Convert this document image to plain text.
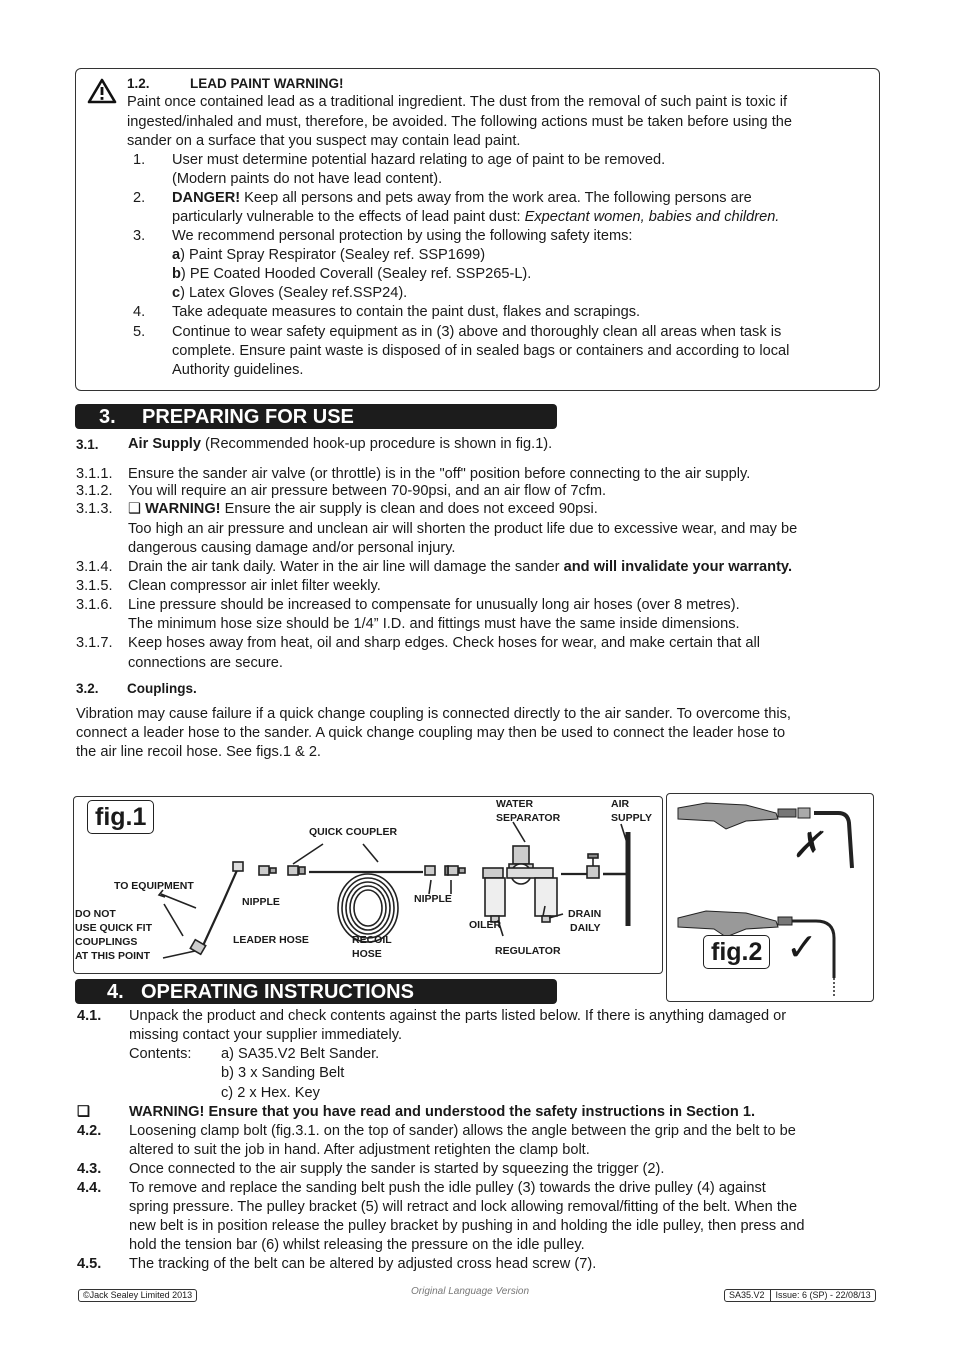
1.2.	LEAD PAINT WARNING!
Paint once contained lead as a traditional ingredient. The dust from the removal of such paint is toxic if
ingested/inhaled and must, therefore, be avoided. The following actions must be taken before using the
sander on a surface that you suspect may contain lead paint.
1. User must determine potential hazard relating to age of paint to be removed.
(Modern paints do not have lead content).
2. DANGER! Keep all persons and pets away from the work area. The following persons are
particularly vulnerable to the effects of lead paint dust: Expectant women, babies and children.
3. We recommend personal protection by using the following safety items:
a) Paint Spray Respirator (Sealey ref. SSP1699)
b) PE Coated Hooded Coverall (Sealey ref. SSP265-L).
c) Latex Gloves (Sealey ref.SSP24).
4. Take adequate measures to contain the paint dust, flakes and scrapings.
5. Continue to wear safety equipment as in (3) above and thoroughly clean all areas when task is
complete. Ensure paint waste is disposed of in sealed bags or containers and according to local
Authority guidelines.
3. PREPARING FOR USE
3.1. Air Supply (Recommended hook-up procedure is shown in fig.1).
3.1.1. Ensure the sander air valve (or throttle) is in the "off" position before connecting to the air supply.
3.1.2. You will require an air pressure between 70-90psi, and an air flow of 7cfm.
3.1.3. ❑ WARNING! Ensure the air supply is clean and does not exceed 90psi.
Too high an air pressure and unclean air will shorten the product life due to excessive wear, and may be
dangerous causing damage and/or personal injury.
3.1.4. Drain the air tank daily. Water in the air line will damage the sander and will invalidate your warranty.
3.1.5. Clean compressor air inlet filter weekly.
3.1.6. Line pressure should be increased to compensate for unusually long air hoses (over 8 metres).
The minimum hose size should be 1/4” I.D. and fittings must have the same inside dimensions.
3.1.7. Keep hoses away from heat, oil and sharp edges. Check hoses for wear, and make certain that all
connections are secure.
3.2. Couplings.
Vibration may cause failure if a quick change coupling is connected directly to the air sander. To overcome this,
connect a leader hose to the sander. A quick change coupling may then be used to connect the leader hose to
the air line recoil hose. See figs.1 & 2.
fig.1	WATER
SEPARATOR
AIR
SUPPLY
QUICK COUPLER
TO EQUIPMENT
NIPPLE	NIPPLE
OILER
DRAIN
DAILY
DO NOT
USE QUICK FIT
COUPLINGS
AT THIS POINT
LEADER HOSE	RECOIL
HOSE	REGULATOR
✗
fig.2 ✓
4. OPERATING INSTRUCTIONS
4.1. Unpack the product and check contents against the parts listed below. If there is anything damaged or
missing contact your supplier immediately.
Contents: a) SA35.V2 Belt Sander.
b) 3 x Sanding Belt
c) 2 x Hex. Key
❑	WARNING! Ensure that you have read and understood the safety instructions in Section 1.
4.2. Loosening clamp bolt (fig.3.1. on the top of sander) allows the angle between the grip and the belt to be
altered to suit the job in hand. After adjustment retighten the clamp bolt.
4.3. Once connected to the air supply the sander is started by squeezing the trigger (2).
4.4. To remove and replace the sanding belt push the idle pulley (3) towards the drive pulley (4) against
spring pressure. The pulley bracket (5) will retract and lock allowing removal/fitting of the belt. When the
new belt is in position release the pulley bracket by pushing in and holding the idle pulley, then press and
hold the tension bar (6) whilst releasing the pressure on the idle pulley.
4.5. The tracking of the belt can be altered by adjusted cross head screw (7).
©Jack Sealey Limited 2013	Original Language Version	SA35.V2 Issue: 6 (SP) - 22/08/13
